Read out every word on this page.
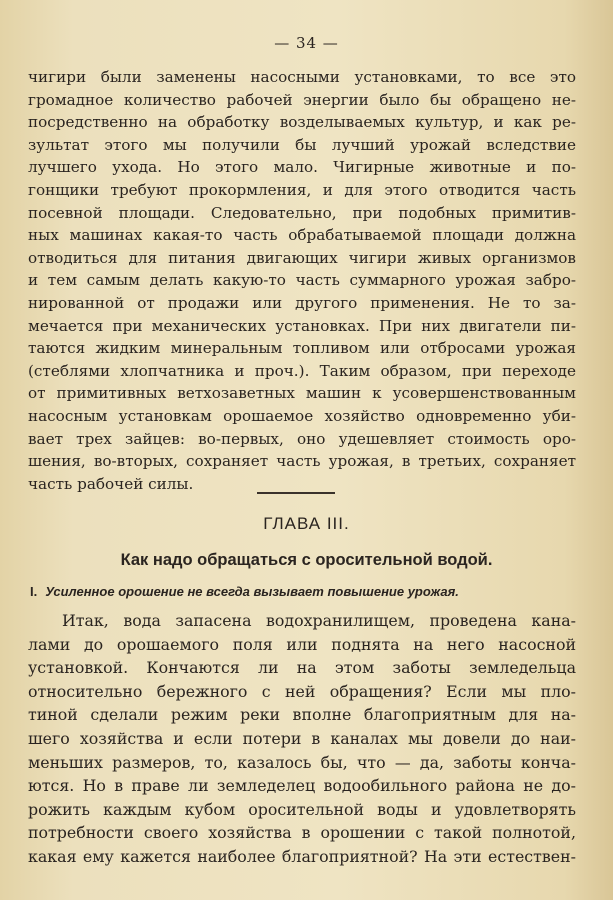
— 34 —
чигири были заменены насосными установками, то все это
громадное количество рабочей энергии было бы обращено не-
посредственно на обработку возделываемых культур, и как ре-
зультат этого мы получили бы лучший урожай вследствие
лучшего ухода. Но этого мало. Чигирные животные и по-
гонщики требуют прокормления, и для этого отводится часть
посевной площади. Следовательно, при подобных примитив-
ных машинах какая-то часть обрабатываемой площади должна
отводиться для питания двигающих чигири живых организмов
и тем самым делать какую-то часть суммарного урожая забро-
нированной от продажи или другого применения. Не то за-
мечается при механических установках. При них двигатели пи-
таются жидким минеральным топливом или отбросами урожая
(стеблями хлопчатника и проч.). Таким образом, при переходе
от примитивных ветхозаветных машин к усовершенствованным
насосным установкам орошаемое хозяйство одновременно уби-
вает трех зайцев: во-первых, оно удешевляет стоимость оро-
шения, во-вторых, сохраняет часть урожая, в третьих, сохраняет
часть рабочей силы.
ГЛАВА III.
Как надо обращаться с оросительной водой.
I. Усиленное орошение не всегда вызывает повышение урожая.
Итак, вода запасена водохранилищем, проведена кана-
лами до орошаемого поля или поднята на него насосной
установкой. Кончаются ли на этом заботы земледельца
относительно бережного с ней обращения? Если мы пло-
тиной сделали режим реки вполне благоприятным для на-
шего хозяйства и если потери в каналах мы довели до наи-
меньших размеров, то, казалось бы, что — да, заботы конча-
ются. Но в праве ли земледелец водообильного района не до-
рожить каждым кубом оросительной воды и удовлетворять
потребности своего хозяйства в орошении с такой полнотой,
какая ему кажется наиболее благоприятной? На эти естествен-
